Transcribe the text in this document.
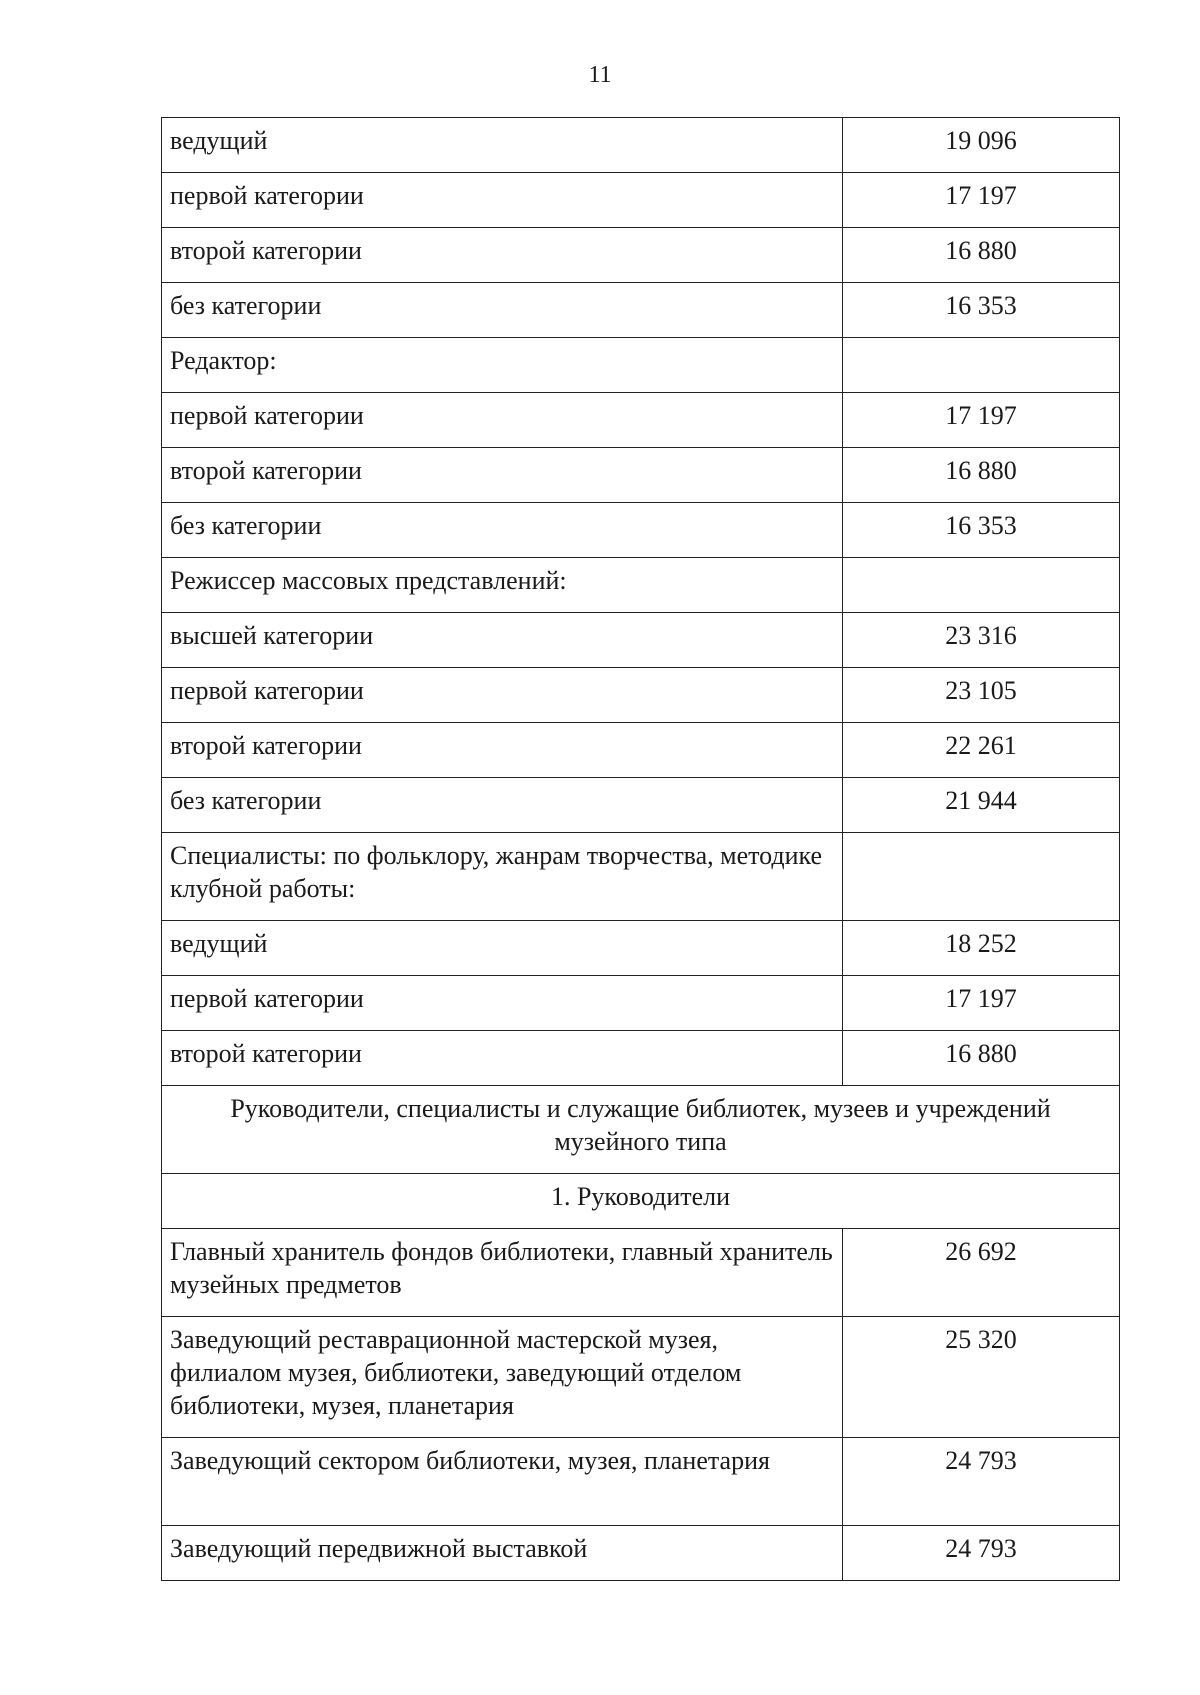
11
ведущий	19 096
первой категории	17 197
второй категории	16 880
без категории	16 353
Редактор:	
первой категории	17 197
второй категории	16 880
без категории	16 353
Режиссер массовых представлений:	
высшей категории	23 316
первой категории	23 105
второй категории	22 261
без категории	21 944
Специалисты: по фольклору, жанрам творчества, методике клубной работы:	
ведущий	18 252
первой категории	17 197
второй категории	16 880
Руководители, специалисты и служащие библиотек, музеев и учреждений музейного типа	
1. Руководители	
Главный хранитель фондов библиотеки, главный хранитель музейных предметов	26 692
Заведующий реставрационной мастерской музея, филиалом музея, библиотеки, заведующий отделом библиотеки, музея, планетария	25 320
Заведующий сектором библиотеки, музея, планетария	24 793
Заведующий передвижной выставкой	24 793
